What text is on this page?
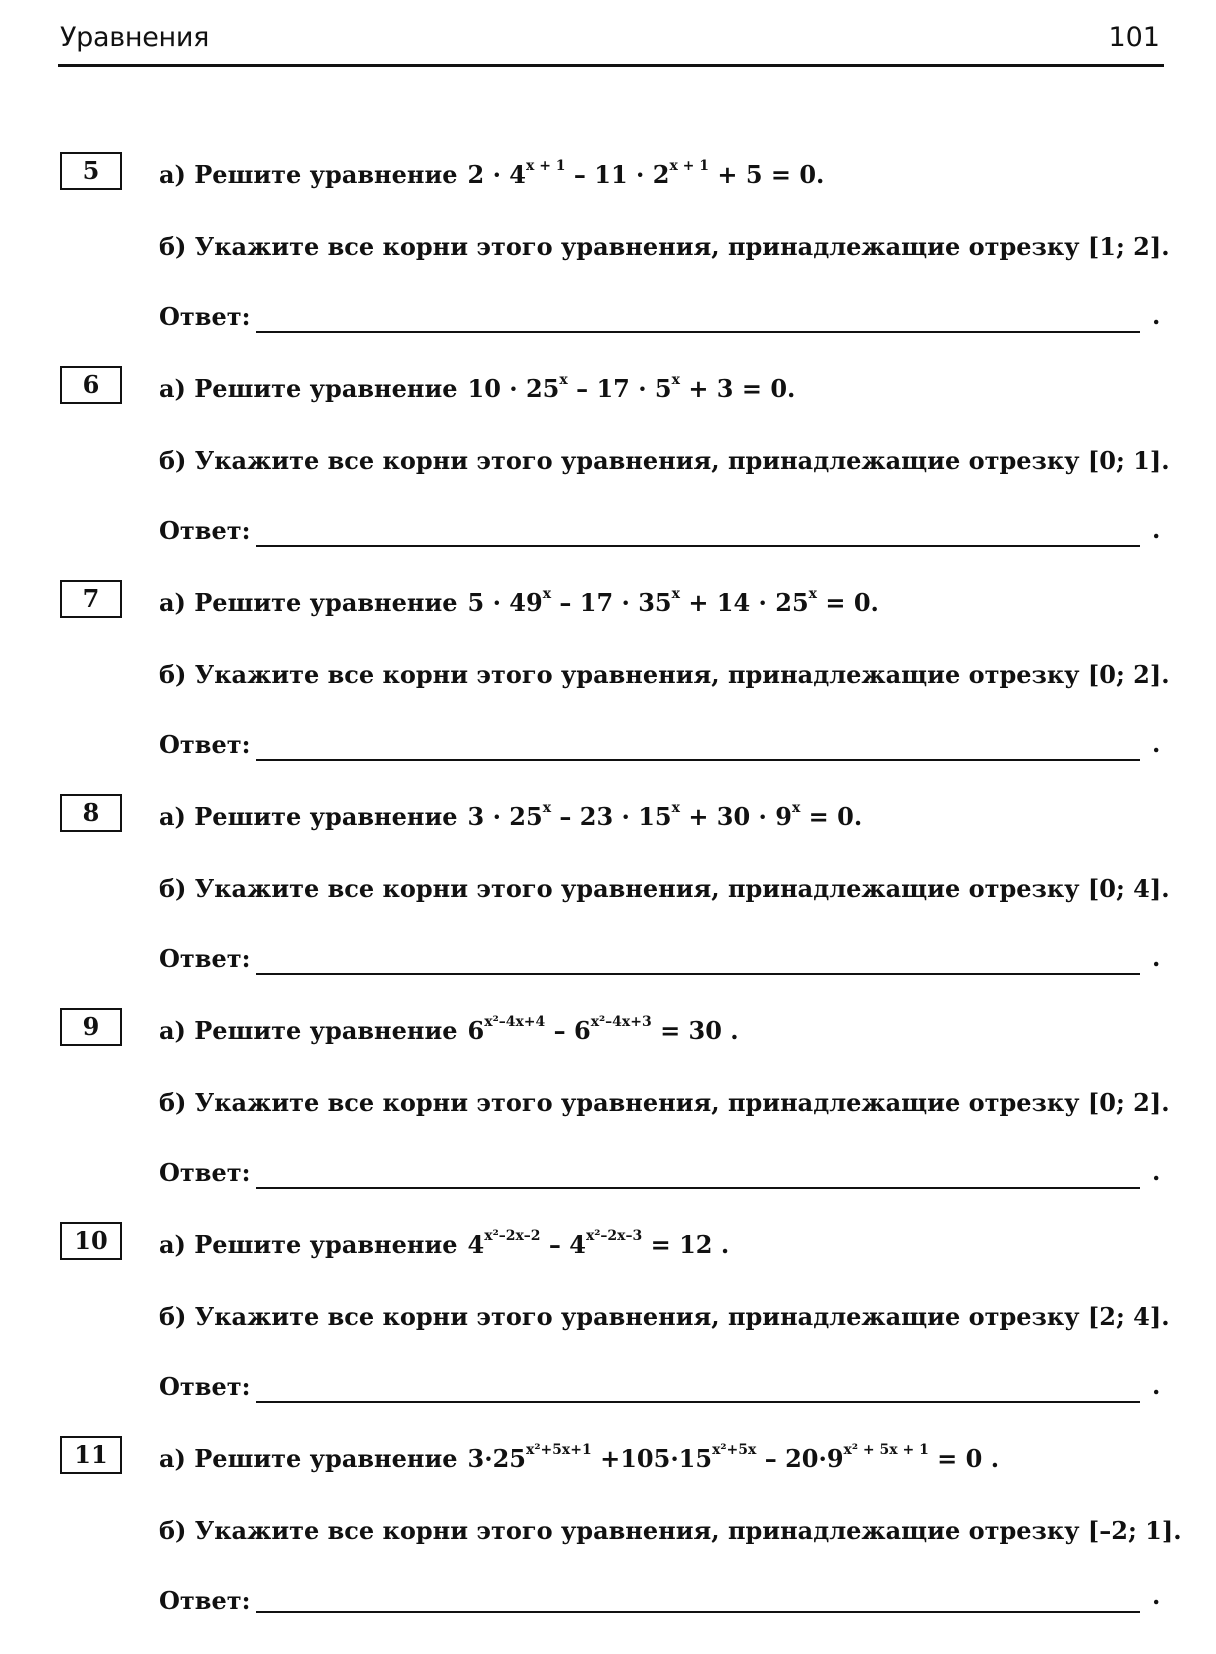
Уравнения	101
5	а) Решите уравнение $2 \cdot 4^{x + 1} - 11 \cdot 2^{x + 1} + 5 = 0$.
б) Укажите все корни этого уравнения, принадлежащие отрезку [1; 2].
Ответ:	.
6	а) Решите уравнение $10 \cdot 25^x - 17 \cdot 5^x + 3 = 0$.
б) Укажите все корни этого уравнения, принадлежащие отрезку [0; 1].
Ответ:	.
7	а) Решите уравнение $5 \cdot 49^x - 17 \cdot 35^x + 14 \cdot 25^x = 0$.
б) Укажите все корни этого уравнения, принадлежащие отрезку [0; 2].
Ответ:	.
8	а) Решите уравнение $3 \cdot 25^x - 23 \cdot 15^x + 30 \cdot 9^x = 0$.
б) Укажите все корни этого уравнения, принадлежащие отрезку [0; 4].
Ответ:	.
9	а) Решите уравнение $6^{x^2-4x+4} - 6^{x^2-4x+3} = 30$ .
б) Укажите все корни этого уравнения, принадлежащие отрезку [0; 2].
Ответ:	.
10	а) Решите уравнение $4^{x^2-2x-2} - 4^{x^2-2x-3} = 12$ .
б) Укажите все корни этого уравнения, принадлежащие отрезку [2; 4].
Ответ:	.
11	а) Решите уравнение $3\cdot 25^{x^2+5x+1} +105\cdot 15^{x^2+5x} - 20\cdot 9^{x^2 + 5x + 1} = 0$ .
б) Укажите все корни этого уравнения, принадлежащие отрезку [–2; 1].
Ответ:	.
